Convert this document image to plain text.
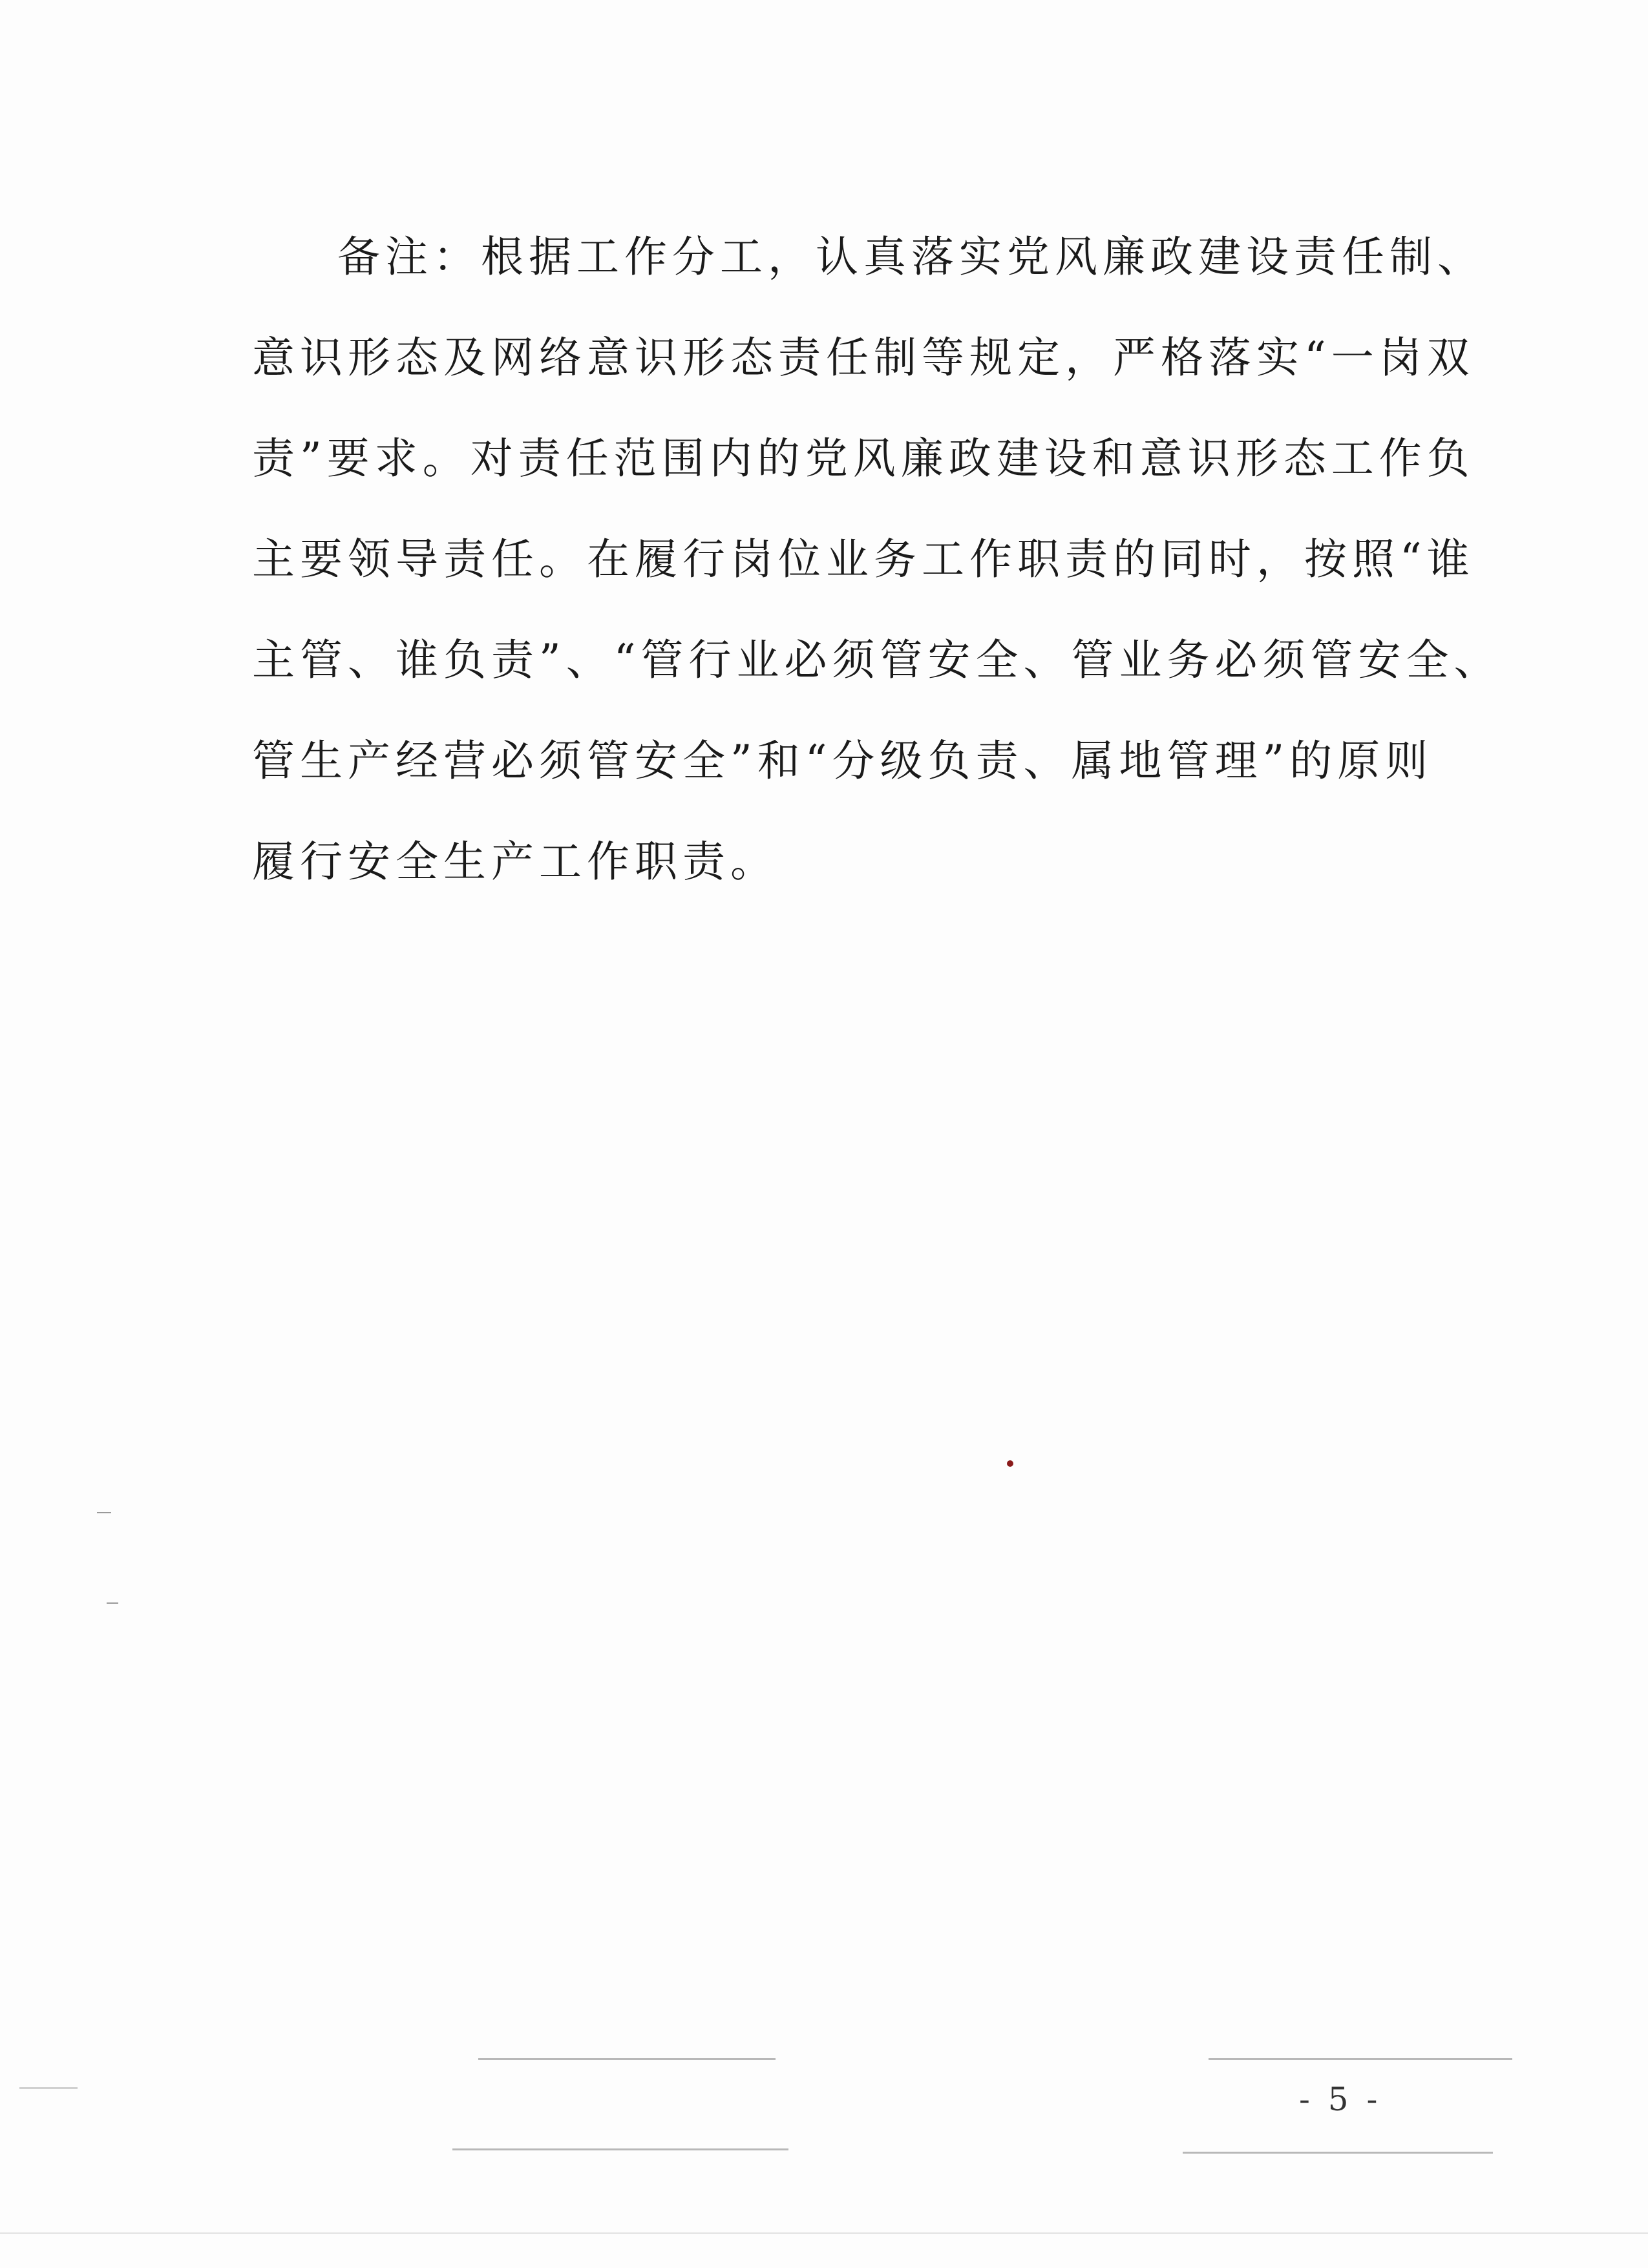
备注：根据工作分工，认真落实党风廉政建设责任制、
意识形态及网络意识形态责任制等规定，严格落实“一岗双
责”要求。对责任范围内的党风廉政建设和意识形态工作负
主要领导责任。在履行岗位业务工作职责的同时，按照“谁
主管、谁负责”、“管行业必须管安全、管业务必须管安全、
管生产经营必须管安全”和“分级负责、属地管理”的原则
履行安全生产工作职责。
- 5 -
